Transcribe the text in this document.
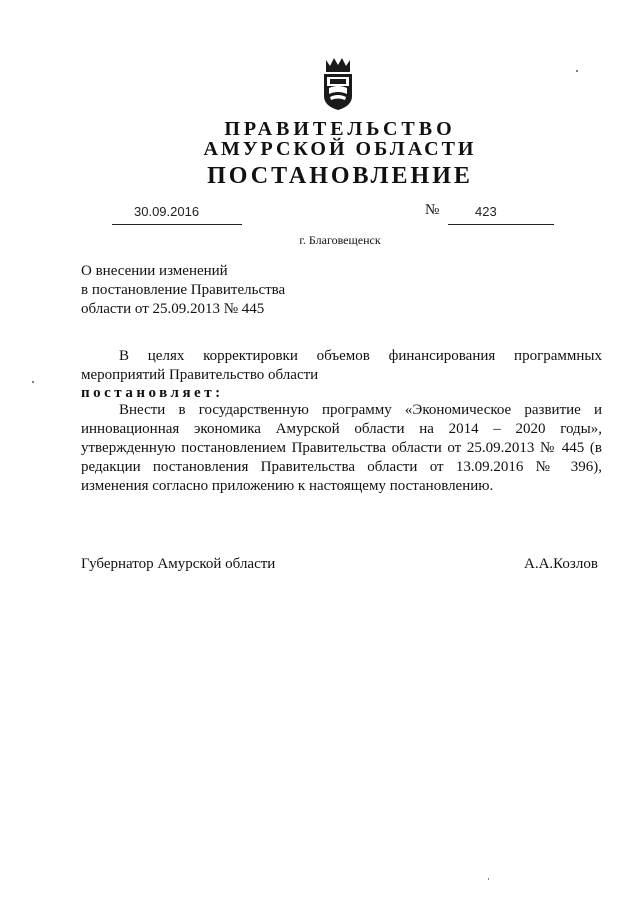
ПРАВИТЕЛЬСТВО
АМУРСКОЙ ОБЛАСТИ
ПОСТАНОВЛЕНИЕ
30.09.2016	№	423
г. Благовещенск
О внесении изменений
в постановление Правительства
области от 25.09.2013 № 445
В целях корректировки объемов финансирования программных мероприятий Правительство области
постановляет:
Внести в государственную программу «Экономическое развитие и инновационная экономика Амурской области на 2014 – 2020 годы», утвержденную постановлением Правительства области от 25.09.2013 № 445 (в редакции постановления Правительства области от 13.09.2016 № 396), изменения согласно приложению к настоящему постановлению.
Губернатор Амурской области	А.А.Козлов
